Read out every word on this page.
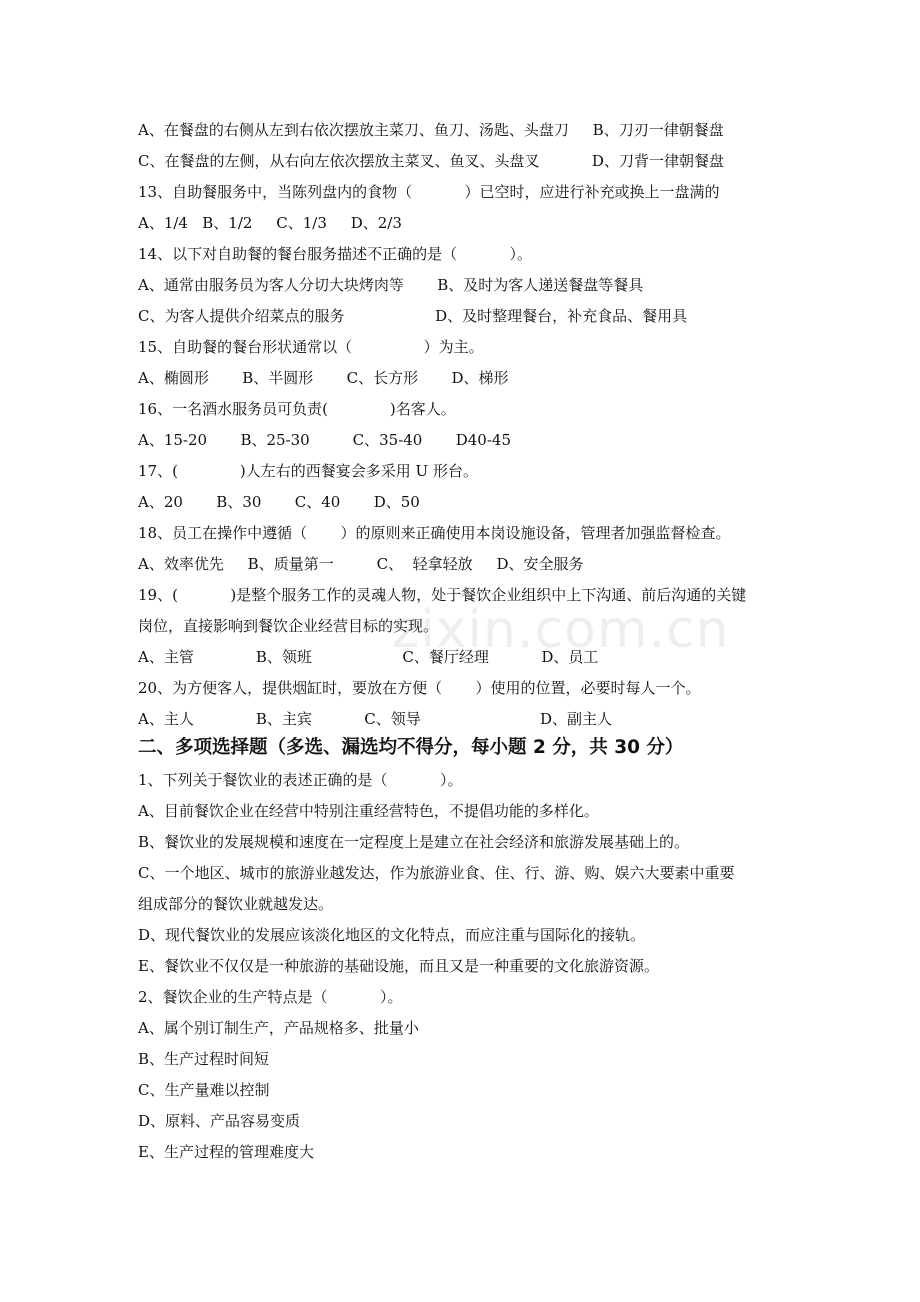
zixin.com.cn
A、在餐盘的右侧从左到右依次摆放主菜刀、鱼刀、汤匙、头盘刀     B、刀刃一律朝餐盘
C、在餐盘的左侧，从右向左依次摆放主菜叉、鱼叉、头盘叉           D、刀背一律朝餐盘
13、自助餐服务中，当陈列盘内的食物（           ）已空时，应进行补充或换上一盘满的
A、1/4   B、1/2     C、1/3     D、2/3
14、以下对自助餐的餐台服务描述不正确的是（           ）。
A、通常由服务员为客人分切大块烤肉等       B、及时为客人递送餐盘等餐具
C、为客人提供介绍菜点的服务                   D、及时整理餐台，补充食品、餐用具
15、自助餐的餐台形状通常以（               ）为主。
A、椭圆形       B、半圆形       C、长方形       D、梯形
16、一名酒水服务员可负责(             )名客人。
A、15-20       B、25-30         C、35-40       D40-45
17、(             )人左右的西餐宴会多采用 U 形台。
A、20       B、30       C、40       D、50
18、员工在操作中遵循（       ）的原则来正确使用本岗设施设备，管理者加强监督检查。
A、效率优先     B、质量第一         C、  轻拿轻放     D、安全服务
19、(           )是整个服务工作的灵魂人物，处于餐饮企业组织中上下沟通、前后沟通的关键
岗位，直接影响到餐饮企业经营目标的实现。
A、主管             B、领班                   C、餐厅经理           D、员工
20、为方便客人，提供烟缸时，要放在方便（       ）使用的位置，必要时每人一个。
A、主人             B、主宾           C、领导                         D、副主人
二、多项选择题（多选、漏选均不得分，每小题 2 分，共 30 分）
1、下列关于餐饮业的表述正确的是（           ）。
A、目前餐饮企业在经营中特别注重经营特色，不提倡功能的多样化。
B、餐饮业的发展规模和速度在一定程度上是建立在社会经济和旅游发展基础上的。
C、一个地区、城市的旅游业越发达，作为旅游业食、住、行、游、购、娱六大要素中重要
组成部分的餐饮业就越发达。
D、现代餐饮业的发展应该淡化地区的文化特点，而应注重与国际化的接轨。
E、餐饮业不仅仅是一种旅游的基础设施，而且又是一种重要的文化旅游资源。
2、餐饮企业的生产特点是（           ）。
A、属个别订制生产，产品规格多、批量小
B、生产过程时间短
C、生产量难以控制
D、原料、产品容易变质
E、生产过程的管理难度大
